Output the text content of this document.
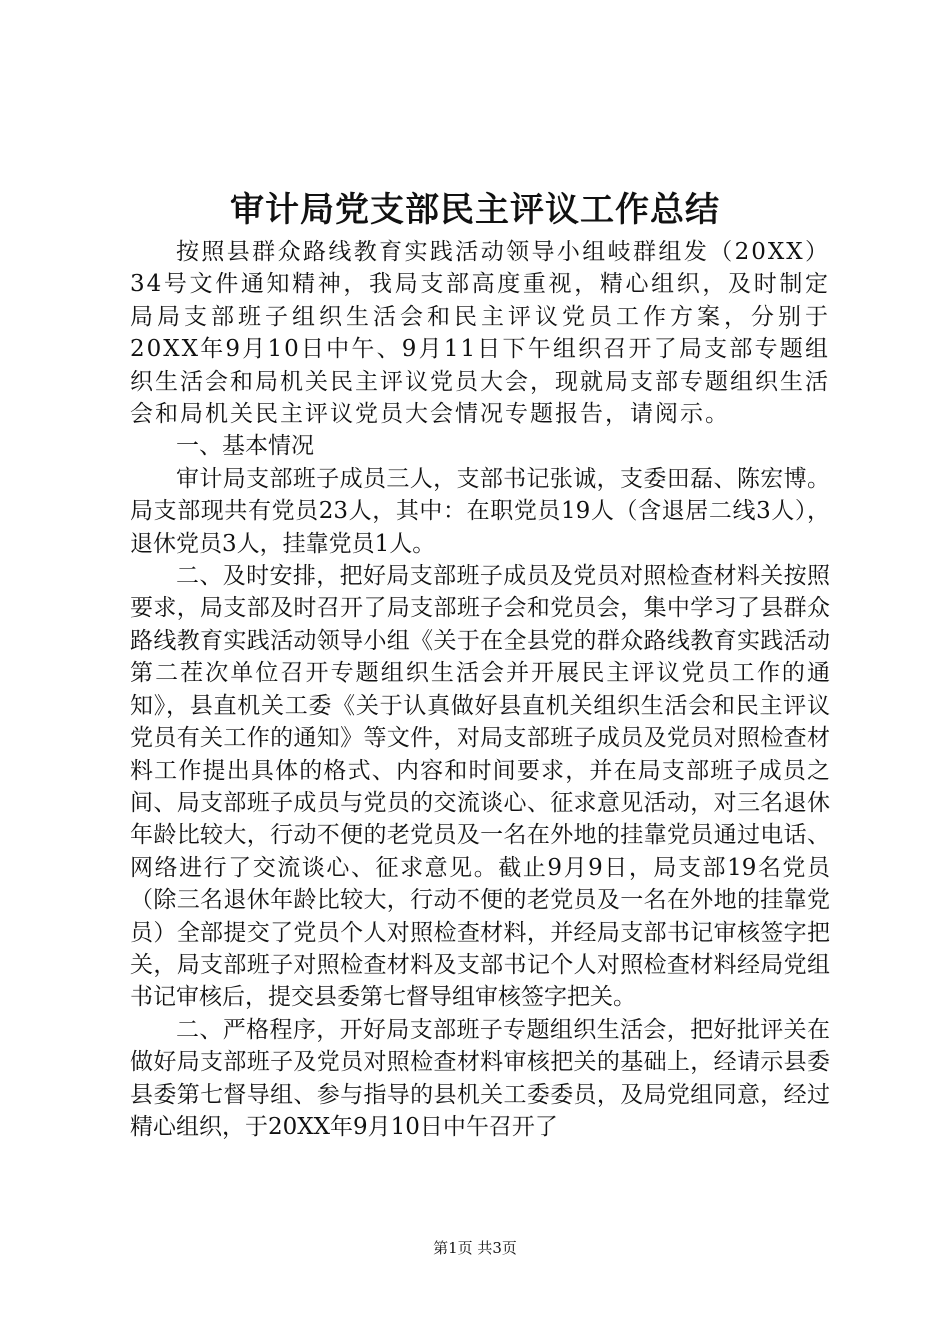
审计局党支部民主评议工作总结

按照县群众路线教育实践活动领导小组岐群组发（20XX）34号文件通知精神，我局支部高度重视，精心组织，及时制定局局支部班子组织生活会和民主评议党员工作方案，分别于20XX年9月10日中午、9月11日下午组织召开了局支部专题组织生活会和局机关民主评议党员大会，现就局支部专题组织生活会和局机关民主评议党员大会情况专题报告，请阅示。

一、基本情况

审计局支部班子成员三人，支部书记张诚，支委田磊、陈宏博。局支部现共有党员23人，其中：在职党员19人（含退居二线3人），退休党员3人，挂靠党员1人。

二、及时安排，把好局支部班子成员及党员对照检查材料关按照要求，局支部及时召开了局支部班子会和党员会，集中学习了县群众路线教育实践活动领导小组《关于在全县党的群众路线教育实践活动第二茬次单位召开专题组织生活会并开展民主评议党员工作的通知》，县直机关工委《关于认真做好县直机关组织生活会和民主评议党员有关工作的通知》等文件，对局支部班子成员及党员对照检查材料工作提出具体的格式、内容和时间要求，并在局支部班子成员之间、局支部班子成员与党员的交流谈心、征求意见活动，对三名退休年龄比较大，行动不便的老党员及一名在外地的挂靠党员通过电话、网络进行了交流谈心、征求意见。截止9月9日，局支部19名党员（除三名退休年龄比较大，行动不便的老党员及一名在外地的挂靠党员）全部提交了党员个人对照检查材料，并经局支部书记审核签字把关，局支部班子对照检查材料及支部书记个人对照检查材料经局党组书记审核后，提交县委第七督导组审核签字把关。

二、严格程序，开好局支部班子专题组织生活会，把好批评关在做好局支部班子及党员对照检查材料审核把关的基础上，经请示县委县委第七督导组、参与指导的县机关工委委员，及局党组同意，经过精心组织，于20XX年9月10日中午召开了

第1页 共3页
